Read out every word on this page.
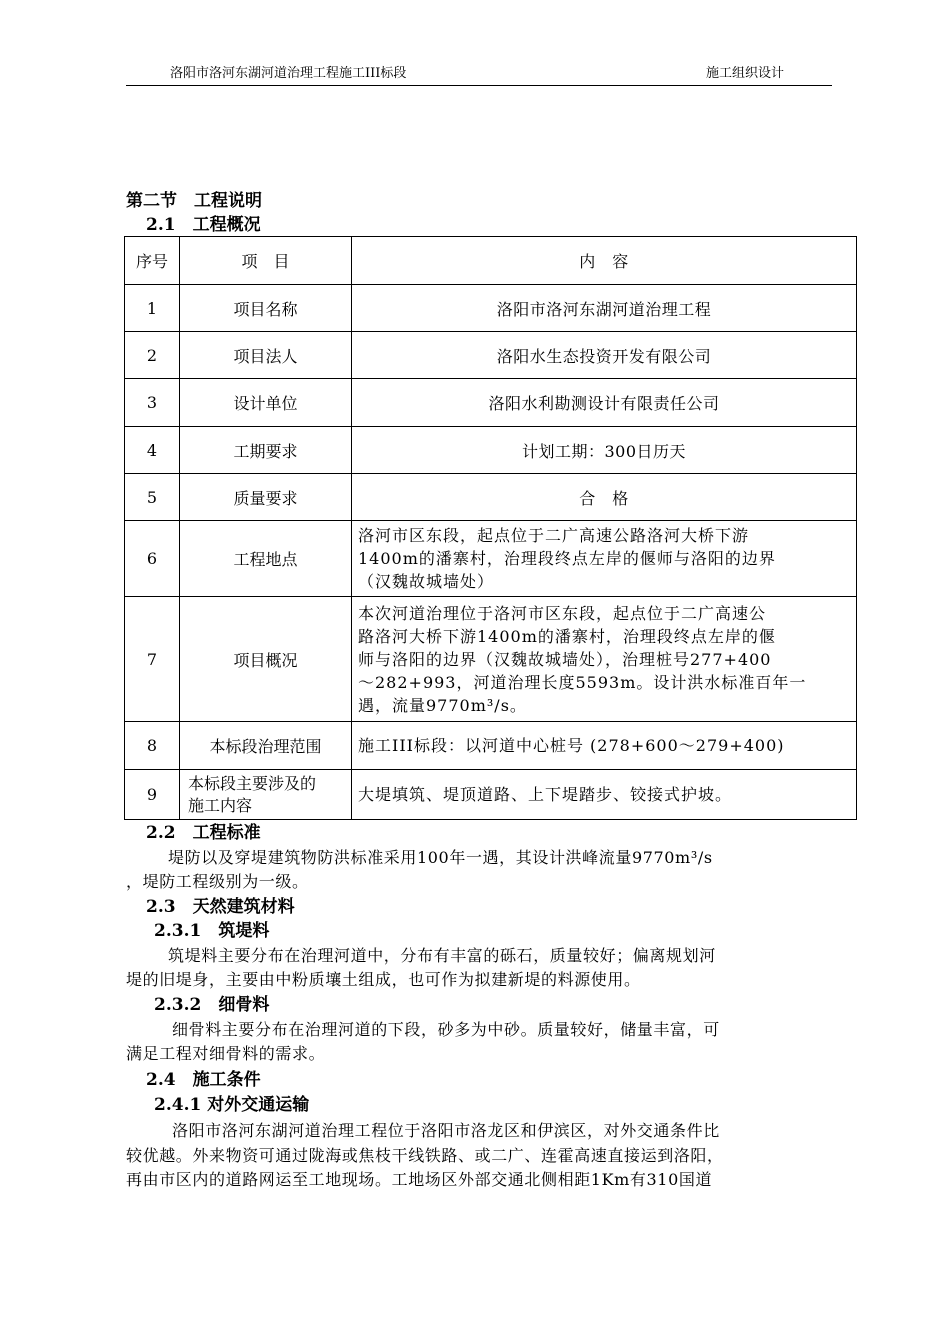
洛阳市洛河东湖河道治理工程施工III标段	施工组织设计
第二节　工程说明
2.1　工程概况
序号	项　目	内　容
1	项目名称	洛阳市洛河东湖河道治理工程
2	项目法人	洛阳水生态投资开发有限公司
3	设计单位	洛阳水利勘测设计有限责任公司
4	工期要求	计划工期：300日历天
5	质量要求	合　格
6	工程地点	洛河市区东段，起点位于二广高速公路洛河大桥下游
1400m的潘寨村，治理段终点左岸的偃师与洛阳的边界
（汉魏故城墙处）

7	项目概况	本次河道治理位于洛河市区东段，起点位于二广高速公
路洛河大桥下游1400m的潘寨村，治理段终点左岸的偃
师与洛阳的边界（汉魏故城墙处），治理桩号277+400
～282+993，河道治理长度5593m。设计洪水标准百年一
遇，流量9770m³/s。

8	本标段治理范围	施工III标段：以河道中心桩号 (278+600～279+400)
9	本标段主要涉及的
施工内容	大堤填筑、堤顶道路、上下堤踏步、铰接式护坡。
2.2　工程标准
堤防以及穿堤建筑物防洪标准采用100年一遇，其设计洪峰流量9770m³/s
，堤防工程级别为一级。
2.3　天然建筑材料
2.3.1　筑堤料
筑堤料主要分布在治理河道中，分布有丰富的砾石，质量较好；偏离规划河
堤的旧堤身，主要由中粉质壤土组成，也可作为拟建新堤的料源使用。
2.3.2　细骨料
细骨料主要分布在治理河道的下段，砂多为中砂。质量较好，储量丰富，可
满足工程对细骨料的需求。
2.4　施工条件
2.4.1 对外交通运输
洛阳市洛河东湖河道治理工程位于洛阳市洛龙区和伊滨区，对外交通条件比
较优越。外来物资可通过陇海或焦枝干线铁路、或二广、连霍高速直接运到洛阳，
再由市区内的道路网运至工地现场。工地场区外部交通北侧相距1Km有310国道
